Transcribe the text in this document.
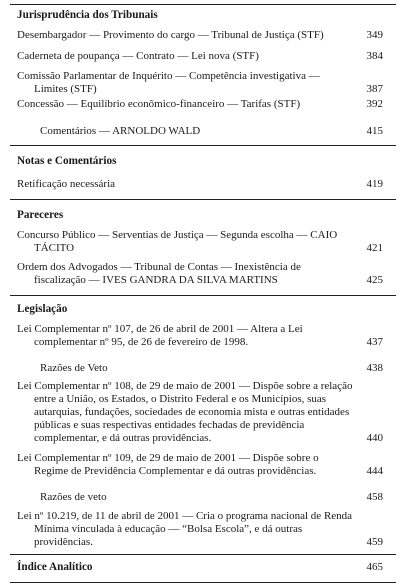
Jurisprudência dos Tribunais
Desembargador — Provimento do cargo — Tribunal de Justiça (STF)	349
Caderneta de poupança — Contrato — Lei nova (STF)	384
Comissão Parlamentar de Inquérito — Competência investigativa — Limites (STF)	387
Concessão — Equilíbrio econômico-financeiro — Tarifas (STF)	392
Comentários — ARNOLDO WALD	415
Notas e Comentários
Retificação necessária	419
Pareceres
Concurso Público — Serventias de Justiça — Segunda escolha — CAIO TÁCITO	421
Ordem dos Advogados — Tribunal de Contas — Inexistência de fiscalização — IVES GANDRA DA SILVA MARTINS	425
Legislação
Lei Complementar nº 107, de 26 de abril de 2001 — Altera a Lei complementar nº 95, de 26 de fevereiro de 1998.	437
Razões de Veto	438
Lei Complementar nº 108, de 29 de maio de 2001 — Dispõe sobre a relação entre a União, os Estados, o Distrito Federal e os Municípios, suas autarquias, fundações, sociedades de economia mista e outras entidades públicas e suas respectivas entidades fechadas de previdência complementar, e dá outras providências.	440
Lei Complementar nº 109, de 29 de maio de 2001 — Dispõe sobre o Regime de Previdência Complementar e dá outras providências.	444
Razões de veto	458
Lei nº 10.219, de 11 de abril de 2001 — Cria o programa nacional de Renda Mínima vinculada à educação — “Bolsa Escola”, e dá outras providências.	459
Índice Analítico	465
